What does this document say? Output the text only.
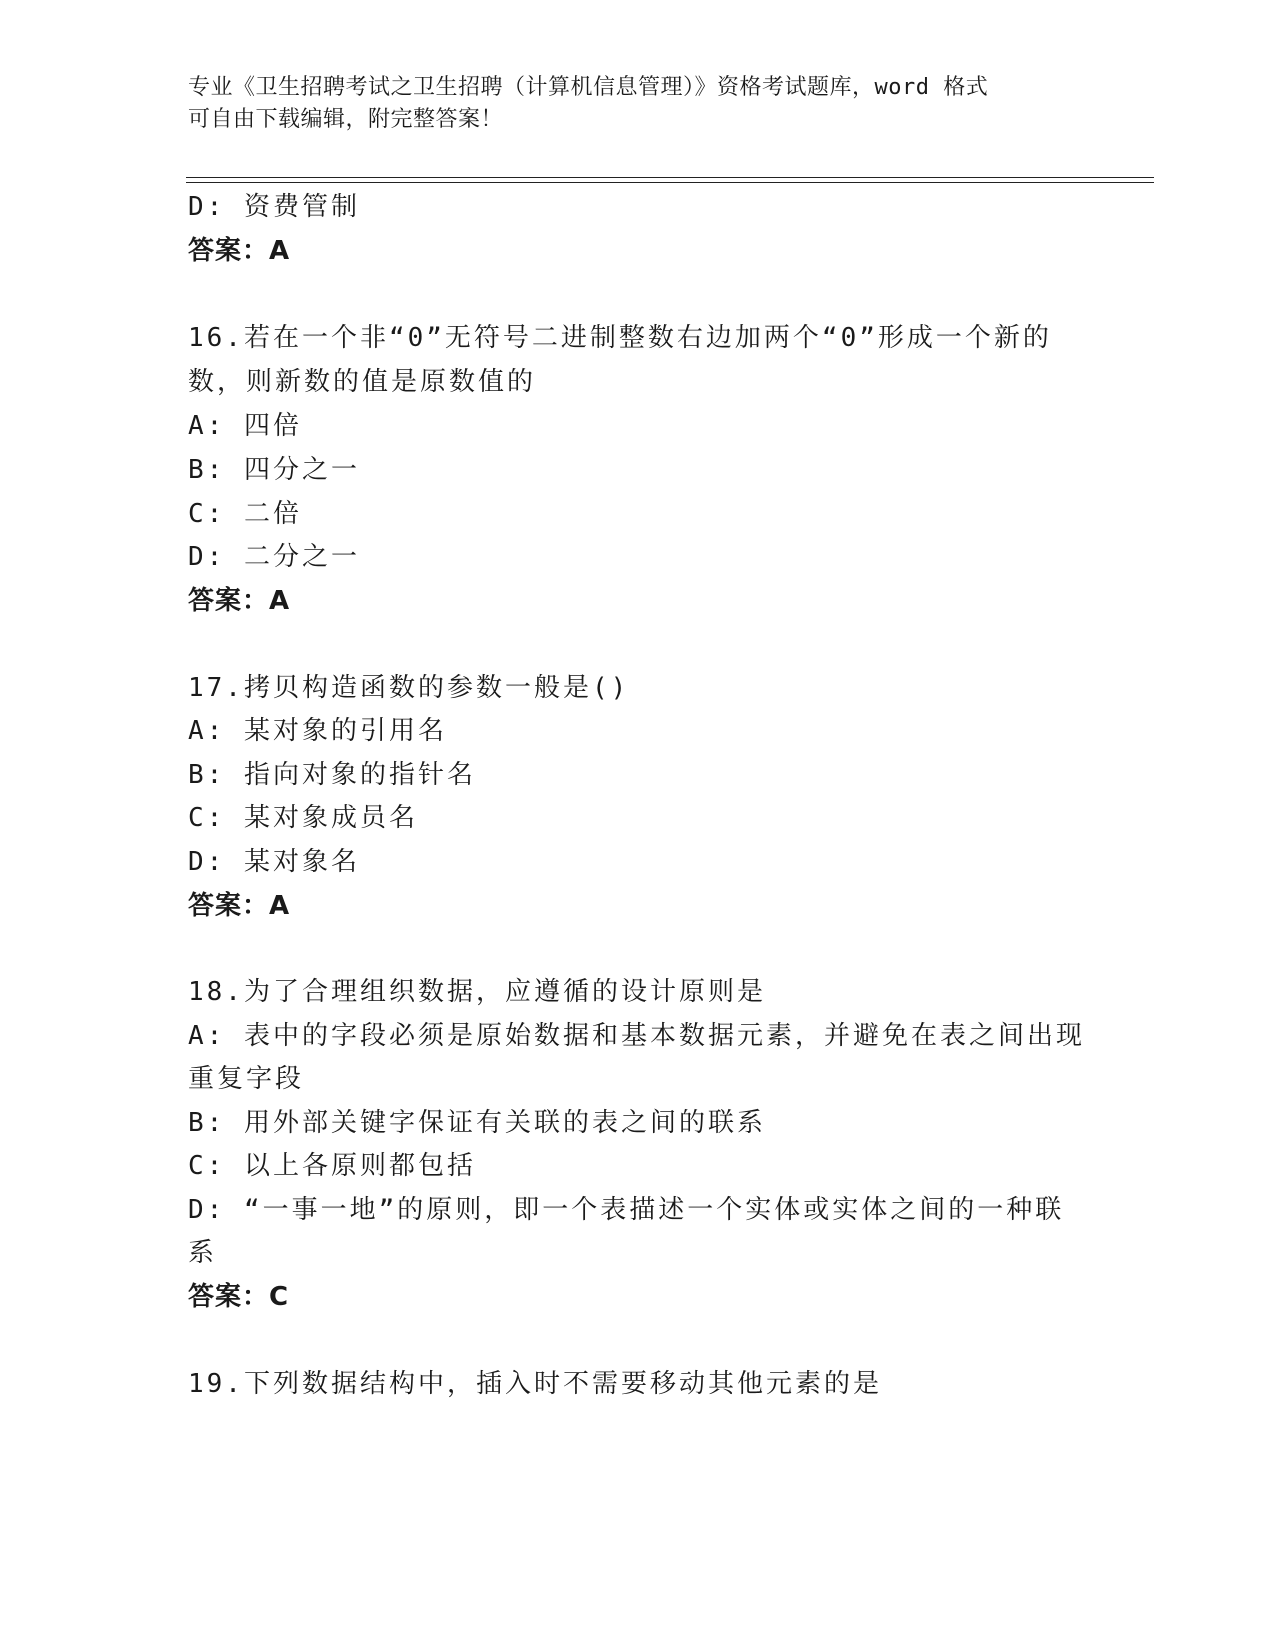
专业《卫生招聘考试之卫生招聘（计算机信息管理）》资格考试题库，word 格式
可自由下载编辑，附完整答案！
D: 资费管制
答案：A
16.若在一个非“0”无符号二进制整数右边加两个“0”形成一个新的
数，则新数的值是原数值的
A: 四倍
B: 四分之一
C: 二倍
D: 二分之一
答案：A
17.拷贝构造函数的参数一般是()
A: 某对象的引用名
B: 指向对象的指针名
C: 某对象成员名
D: 某对象名
答案：A
18.为了合理组织数据，应遵循的设计原则是
A: 表中的字段必须是原始数据和基本数据元素，并避免在表之间出现
重复字段
B: 用外部关键字保证有关联的表之间的联系
C: 以上各原则都包括
D: “一事一地”的原则，即一个表描述一个实体或实体之间的一种联
系
答案：C
19.下列数据结构中，插入时不需要移动其他元素的是
